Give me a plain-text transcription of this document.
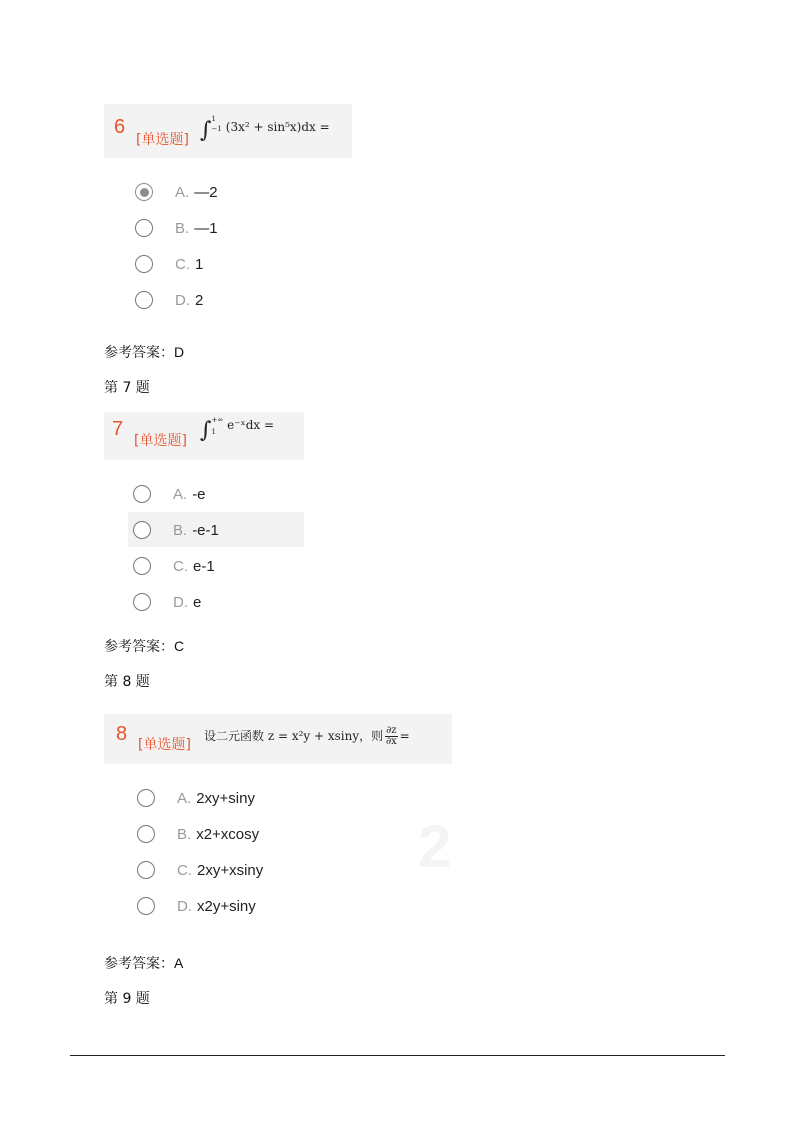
6
[单选题] ∫ 1
−1 (3x² + sin⁵x)dx =
A. —2
B. —1
C. 1
D. 2
参考答案：D
第 7 题
7
[单选题] ∫ +∞
1 e⁻ˣdx =
A. -e
B. -e-1
C. e-1
D. e
参考答案：C
第 8 题
8 [单选题]
设二元函数 z = x²y + xsiny，则 $\frac{\partial z}{\partial x}$ =
2
A. 2xy+siny
B. x2+xcosy
C. 2xy+xsiny
D. x2y+siny
参考答案：A
第 9 题
